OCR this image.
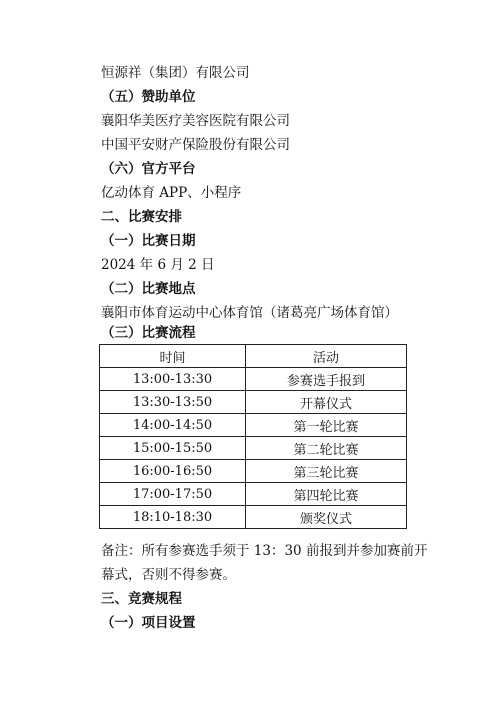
恒源祥（集团）有限公司
（五）赞助单位
襄阳华美医疗美容医院有限公司
中国平安财产保险股份有限公司
（六）官方平台
亿动体育 APP、小程序
二、比赛安排
（一）比赛日期
2024 年 6 月 2 日
（二）比赛地点
襄阳市体育运动中心体育馆（诸葛亮广场体育馆）
（三）比赛流程
时间	活动
13:00-13:30	参赛选手报到
13:30-13:50	开幕仪式
14:00-14:50	第一轮比赛
15:00-15:50	第二轮比赛
16:00-16:50	第三轮比赛
17:00-17:50	第四轮比赛
18:10-18:30	颁奖仪式
备注：所有参赛选手须于 13：30 前报到并参加赛前开
幕式，否则不得参赛。
三、竞赛规程
（一）项目设置
